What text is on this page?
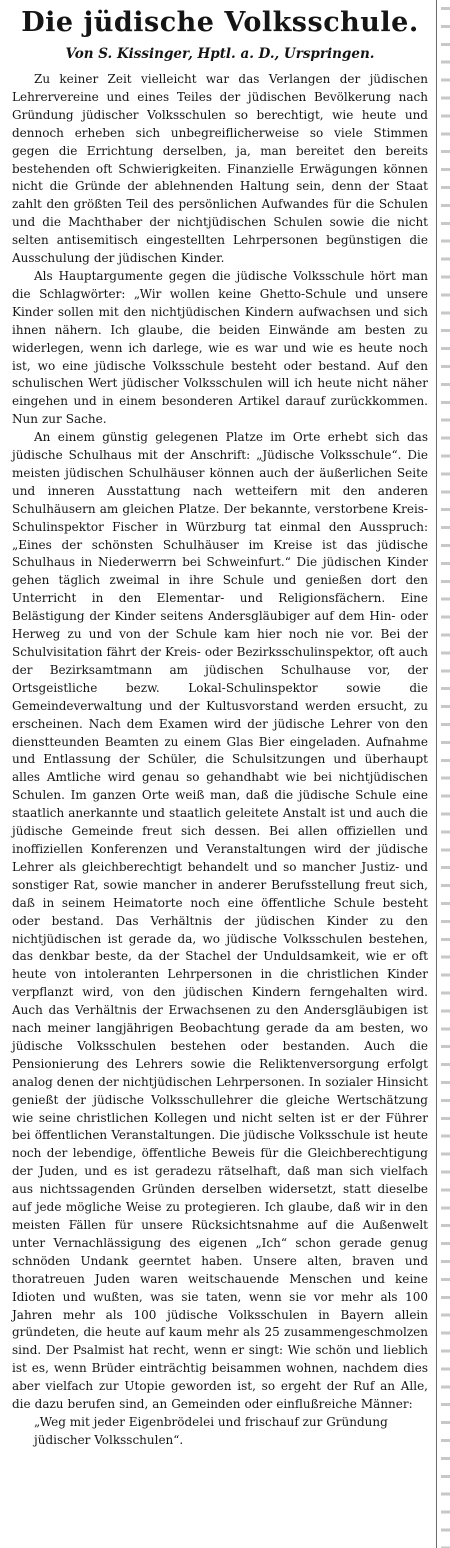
Die jüdische Volksschule.
Von S. Kissinger, Hptl. a. D., Urspringen.

Zu keiner Zeit vielleicht war das Verlangen der jüdischen Lehrervereine und eines Teiles der jüdischen Bevölkerung nach Gründung jüdischer Volksschulen so berechtigt, wie heute und dennoch erheben sich unbegreiflicherweise so viele Stimmen gegen die Errichtung derselben, ja, man bereitet den bereits bestehenden oft Schwierigkeiten. Finanzielle Erwägungen können nicht die Gründe der ablehnenden Haltung sein, denn der Staat zahlt den größten Teil des persönlichen Aufwandes für die Schulen und die Machthaber der nichtjüdischen Schulen sowie die nicht selten antisemitisch eingestellten Lehrpersonen begünstigen die Ausschulung der jüdischen Kinder.

Als Hauptargumente gegen die jüdische Volksschule hört man die Schlagwörter: „Wir wollen keine Ghetto-Schule und unsere Kinder sollen mit den nichtjüdischen Kindern aufwachsen und sich ihnen nähern. Ich glaube, die beiden Einwände am besten zu widerlegen, wenn ich darlege, wie es war und wie es heute noch ist, wo eine jüdische Volksschule besteht oder bestand. Auf den schulischen Wert jüdischer Volksschulen will ich heute nicht näher eingehen und in einem besonderen Artikel darauf zurückkommen. Nun zur Sache.

An einem günstig gelegenen Platze im Orte erhebt sich das jüdische Schulhaus mit der Anschrift: „Jüdische Volksschule“. Die meisten jüdischen Schulhäuser können auch der äußerlichen Seite und inneren Ausstattung nach wetteifern mit den anderen Schulhäusern am gleichen Platze. Der bekannte, verstorbene Kreis-Schulinspektor Fischer in Würzburg tat einmal den Ausspruch: „Eines der schönsten Schulhäuser im Kreise ist das jüdische Schulhaus in Niederwerrn bei Schweinfurt.“ Die jüdischen Kinder gehen täglich zweimal in ihre Schule und genießen dort den Unterricht in den Elementar- und Religionsfächern. Eine Belästigung der Kinder seitens Andersgläubiger auf dem Hin- oder Herweg zu und von der Schule kam hier noch nie vor. Bei der Schulvisitation fährt der Kreis- oder Bezirksschulinspektor, oft auch der Bezirksamtmann am jüdischen Schulhause vor, der Ortsgeistliche bezw. Lokal-Schulinspektor sowie die Gemeindeverwaltung und der Kultusvorstand werden ersucht, zu erscheinen. Nach dem Examen wird der jüdische Lehrer von den dienstteunden Beamten zu einem Glas Bier eingeladen. Aufnahme und Entlassung der Schüler, die Schulsitzungen und überhaupt alles Amtliche wird genau so gehandhabt wie bei nichtjüdischen Schulen. Im ganzen Orte weiß man, daß die jüdische Schule eine staatlich anerkannte und staatlich geleitete Anstalt ist und auch die jüdische Gemeinde freut sich dessen. Bei allen offiziellen und inoffiziellen Konferenzen und Veranstaltungen wird der jüdische Lehrer als gleichberechtigt behandelt und so mancher Justiz- und sonstiger Rat, sowie mancher in anderer Berufsstellung freut sich, daß in seinem Heimatorte noch eine öffentliche Schule besteht oder bestand. Das Verhältnis der jüdischen Kinder zu den nichtjüdischen ist gerade da, wo jüdische Volksschulen bestehen, das denkbar beste, da der Stachel der Unduldsamkeit, wie er oft heute von intoleranten Lehrpersonen in die christlichen Kinder verpflanzt wird, von den jüdischen Kindern ferngehalten wird. Auch das Verhältnis der Erwachsenen zu den Andersgläubigen ist nach meiner langjährigen Beobachtung gerade da am besten, wo jüdische Volksschulen bestehen oder bestanden. Auch die Pensionierung des Lehrers sowie die Reliktenversorgung erfolgt analog denen der nichtjüdischen Lehrpersonen. In sozialer Hinsicht genießt der jüdische Volksschullehrer die gleiche Wertschätzung wie seine christlichen Kollegen und nicht selten ist er der Führer bei öffentlichen Veranstaltungen. Die jüdische Volksschule ist heute noch der lebendige, öffentliche Beweis für die Gleichberechtigung der Juden, und es ist geradezu rätselhaft, daß man sich vielfach aus nichtssagenden Gründen derselben widersetzt, statt dieselbe auf jede mögliche Weise zu protegieren. Ich glaube, daß wir in den meisten Fällen für unsere Rücksichtsnahme auf die Außenwelt unter Vernachlässigung des eigenen „Ich“ schon gerade genug schnöden Undank geerntet haben. Unsere alten, braven und thoratreuen Juden waren weitschauende Menschen und keine Idioten und wußten, was sie taten, wenn sie vor mehr als 100 Jahren mehr als 100 jüdische Volksschulen in Bayern allein gründeten, die heute auf kaum mehr als 25 zusammengeschmolzen sind. Der Psalmist hat recht, wenn er singt: Wie schön und lieblich ist es, wenn Brüder einträchtig beisammen wohnen, nachdem dies aber vielfach zur Utopie geworden ist, so ergeht der Ruf an Alle, die dazu berufen sind, an Gemeinden oder einflußreiche Männer:

„Weg mit jeder Eigenbrödelei und frischauf zur Gründung jüdischer Volksschulen“.
